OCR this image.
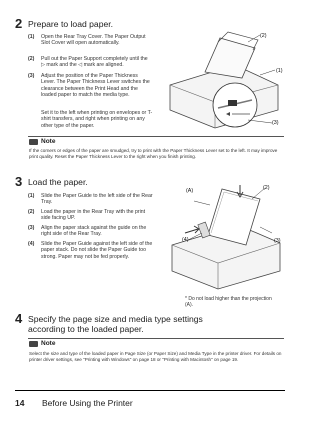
2 Prepare to load paper.
(1) Open the Rear Tray Cover. The Paper Output Slot Cover will open automatically.
(2) Pull out the Paper Support completely until the ▷ mark and the ◁ mark are aligned.
(3) Adjust the position of the Paper Thickness Lever. The Paper Thickness Lever switches the clearance between the Print Head and the loaded paper to match the media type.
Set it to the left when printing on envelopes or T-shirt transfers, and right when printing on any other type of the paper.
(2)
(1)
(3)
Note
If the corners or edges of the paper are smudged, try to print with the Paper Thickness Lever set to the left. It may improve print quality. Reset the Paper Thickness Lever to the right when you finish printing.
3 Load the paper.
(1) Slide the Paper Guide to the left side of the Rear Tray.
(2) Load the paper in the Rear Tray with the print side facing UP.
(3) Align the paper stack against the guide on the right side of the Rear Tray.
(4) Slide the Paper Guide against the left side of the paper stack. Do not slide the Paper Guide too strong. Paper may not be fed properly.
(A)	(2)
(4)	(3)
* Do not load higher than the projection (A).
4 Specify the page size and media type settings according to the loaded paper.
Note
Select the size and type of the loaded paper in Page Size (or Paper Size) and Media Type in the printer driver. For details on printer driver settings, see "Printing with Windows" on page 18 or "Printing with Macintosh" on page 19.
14 Before Using the Printer
